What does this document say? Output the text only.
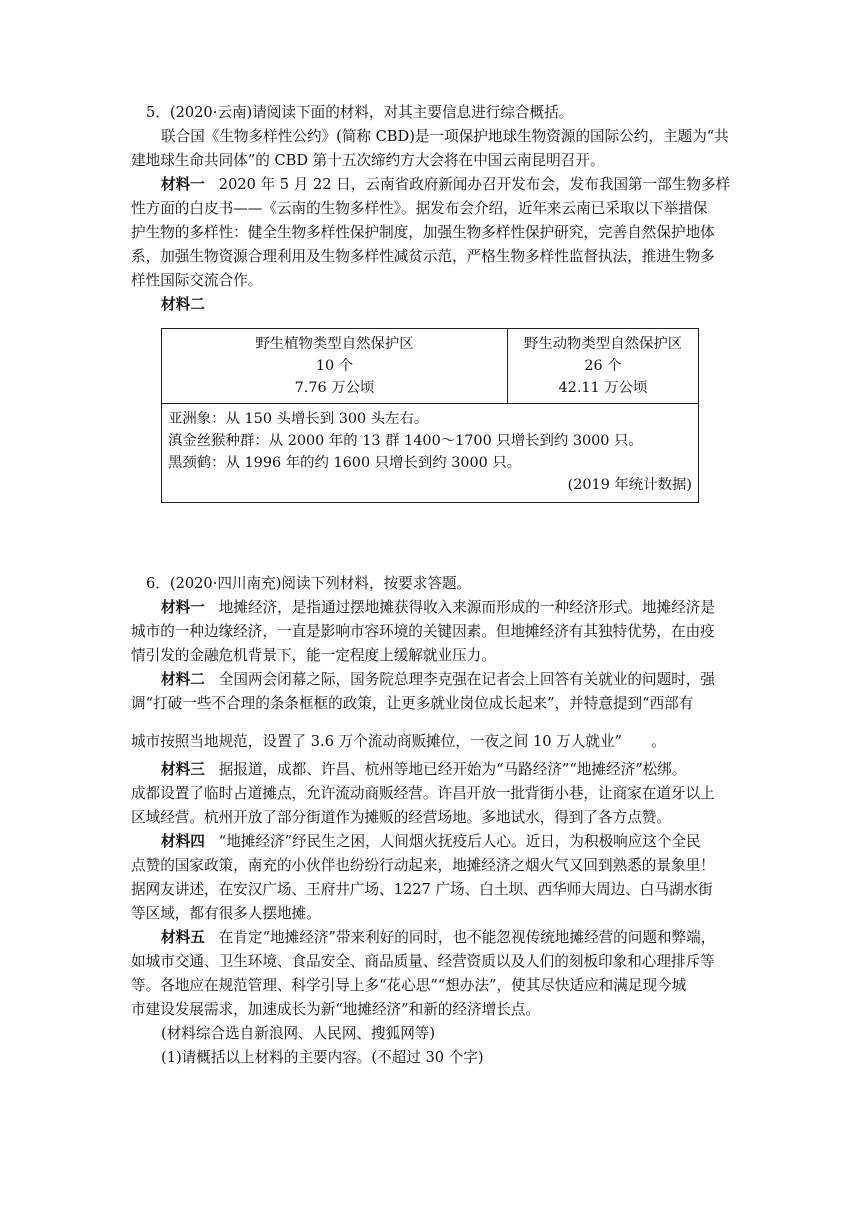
5．(2020·云南)请阅读下面的材料，对其主要信息进行综合概括。
联合国《生物多样性公约》(简称 CBD)是一项保护地球生物资源的国际公约，主题为“共
建地球生命共同体”的 CBD 第十五次缔约方大会将在中国云南昆明召开。
材料一 2020 年 5 月 22 日，云南省政府新闻办召开发布会，发布我国第一部生物多样
性方面的白皮书——《云南的生物多样性》。据发布会介绍，近年来云南已采取以下举措保
护生物的多样性：健全生物多样性保护制度，加强生物多样性保护研究，完善自然保护地体
系，加强生物资源合理利用及生物多样性减贫示范，严格生物多样性监督执法，推进生物多
样性国际交流合作。
材料二
野生植物类型自然保护区
10 个
7.76 万公顷

野生动物类型自然保护区
26 个
42.11 万公顷

亚洲象：从 150 头增长到 300 头左右。
滇金丝猴种群：从 2000 年的 13 群 1400～1700 只增长到约 3000 只。
黑颈鹤：从 1996 年的约 1600 只增长到约 3000 只。
(2019 年统计数据)
6．(2020·四川南充)阅读下列材料，按要求答题。
材料一 地摊经济，是指通过摆地摊获得收入来源而形成的一种经济形式。地摊经济是
城市的一种边缘经济，一直是影响市容环境的关键因素。但地摊经济有其独特优势，在由疫
情引发的金融危机背景下，能一定程度上缓解就业压力。
材料二 全国两会闭幕之际，国务院总理李克强在记者会上回答有关就业的问题时，强
调“打破一些不合理的条条框框的政策，让更多就业岗位成长起来”，并特意提到“西部有
城市按照当地规范，设置了 3.6 万个流动商贩摊位，一夜之间 10 万人就业”　　。
材料三 据报道，成都、许昌、杭州等地已经开始为“马路经济”“地摊经济”松绑。
成都设置了临时占道摊点，允许流动商贩经营。许昌开放一批背街小巷，让商家在道牙以上
区域经营。杭州开放了部分街道作为摊贩的经营场地。多地试水，得到了各方点赞。
材料四 “地摊经济”纾民生之困，人间烟火抚疫后人心。近日，为积极响应这个全民
点赞的国家政策，南充的小伙伴也纷纷行动起来，地摊经济之烟火气又回到熟悉的景象里！
据网友讲述，在安汉广场、王府井广场、1227 广场、白土坝、西华师大周边、白马湖水街
等区域，都有很多人摆地摊。
材料五 在肯定“地摊经济”带来利好的同时，也不能忽视传统地摊经营的问题和弊端，
如城市交通、卫生环境、食品安全、商品质量、经营资质以及人们的刻板印象和心理排斥等
等。各地应在规范管理、科学引导上多“花心思”“想办法”，使其尽快适应和满足现今城
市建设发展需求，加速成长为新“地摊经济”和新的经济增长点。
(材料综合选自新浪网、人民网、搜狐网等)
(1)请概括以上材料的主要内容。(不超过 30 个字)
